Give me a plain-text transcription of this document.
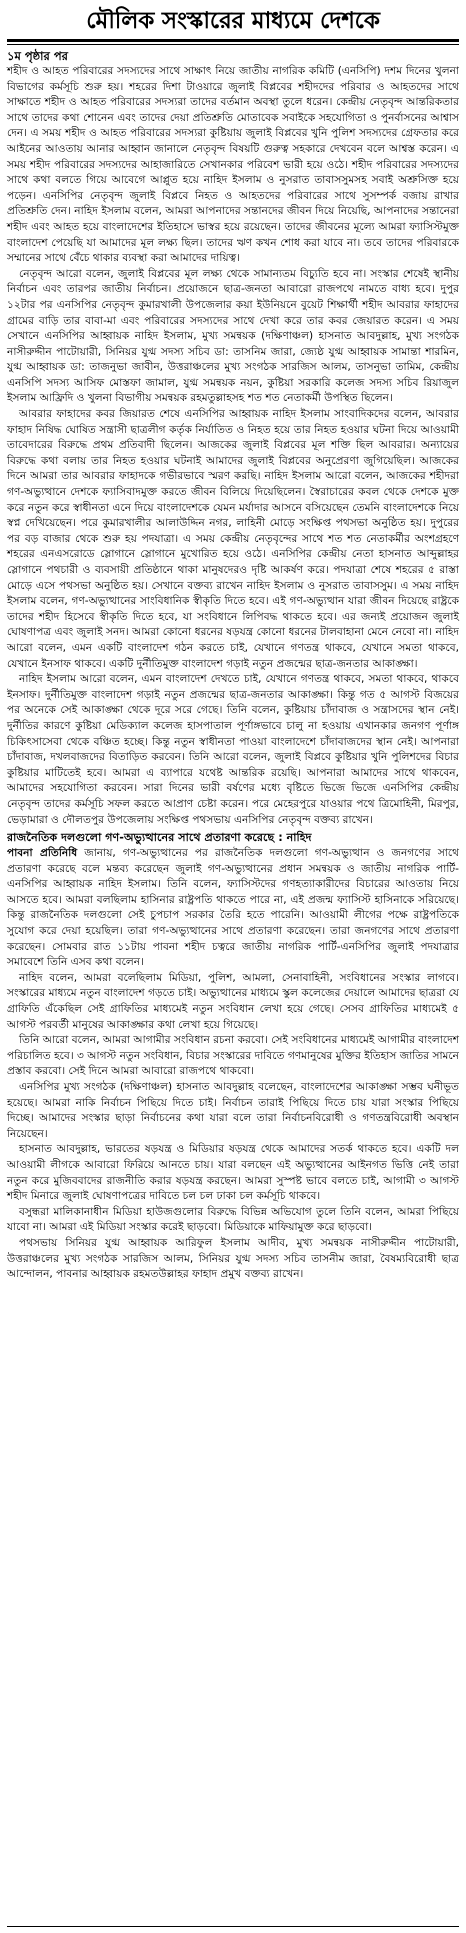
মৌলিক সংস্কারের মাধ্যমে দেশকে
১ম পৃষ্ঠার পর

শহীদ ও আহত পরিবারের সদস্যদের সাথে সাক্ষাৎ নিয়ে জাতীয় নাগরিক কমিটি (এনসিপি) দশম দিনের খুলনা বিভাগের কর্মসূচি শুরু হয়। শহরের দিশা টাওয়ারে জুলাই বিপ্লবের শহীদদের পরিবার ও আহতদের সাথে সাক্ষাতে শহীদ ও আহত পরিবারের সদস্যরা তাদের বর্তমান অবস্থা তুলে ধরেন। কেন্দ্রীয় নেতৃবৃন্দ আন্তরিকতার সাথে তাদের কথা শোনেন এবং তাদের দেয়া প্রতিশ্রুতি মোতাবেক সবাইকে সহযোগিতা ও পুনর্বাসনের আশ্বাস দেন। এ সময় শহীদ ও আহত পরিবারের সদস্যরা কুষ্টিয়ায় জুলাই বিপ্লবের খুনি পুলিশ সদস্যদের গ্রেফতার করে আইনের আওতায় আনার আহ্বান জানালে নেতৃবৃন্দ বিষয়টি গুরুত্ব সহকারে দেখবেন বলে আশ্বস্ত করেন। এ সময় শহীদ পরিবারের সদস্যদের আহাজারিতে সেখানকার পরিবেশ ভারী হয়ে ওঠে। শহীদ পরিবারের সদস্যদের সাথে কথা বলতে গিয়ে আবেগে আপ্লুত হয়ে নাহিদ ইসলাম ও নুসরাত তাবাসসুমসহ সবাই অশ্রুসিক্ত হয়ে পড়েন। এনসিপির নেতৃবৃন্দ জুলাই বিপ্লবে নিহত ও আহতদের পরিবারের সাথে সুসম্পর্ক বজায় রাখার প্রতিশ্রুতি দেন। নাহিদ ইসলাম বলেন, আমরা আপনাদের সন্তানদের জীবন দিয়ে নিয়েছি, আপনাদের সন্তানেরা শহীদ এবং আহত হয়ে বাংলাদেশের ইতিহাসে ভাস্বর হয়ে রয়েছেন। তাদের জীবনের মূল্যে আমরা ফ্যাসিস্টমুক্ত বাংলাদেশ পেয়েছি যা আমাদের মূল লক্ষ্য ছিল। তাদের ঋণ কখন শোধ করা যাবে না। তবে তাদের পরিবারকে সম্মানের সাথে বেঁচে থাকার ব্যবস্থা করা আমাদের দায়িত্ব।

নেতৃবৃন্দ আরো বলেন, জুলাই বিপ্লবের মূল লক্ষ্য থেকে সামান্যতম বিচ্যুতি হবে না। সংস্কার শেষেই স্থানীয় নির্বাচন এবং তারপর জাতীয় নির্বাচন। প্রয়োজনে ছাত্র-জনতা আবারো রাজপথে নামতে বাধ্য হবে। দুপুর ১২টার পর এনসিপির নেতৃবৃন্দ কুমারখালী উপজেলার কয়া ইউনিয়নে বুয়েট শিক্ষার্থী শহীদ আবরার ফাহাদের গ্রামের বাড়ি তার বাবা-মা এবং পরিবারের সদস্যদের সাথে দেখা করে তার কবর জেয়ারত করেন। এ সময় সেখানে এনসিপির আহ্বায়ক নাহিদ ইসলাম, মুখ্য সমন্বয়ক (দক্ষিণাঞ্চল) হাসনাত আবদুল্লাহ, মুখ্য সংগঠক নাসীরুদ্দীন পাটোয়ারী, সিনিয়র যুগ্ম সদস্য সচিব ডা: তাসনিম জারা, জ্যেষ্ঠ যুগ্ম আহ্বায়ক সামান্তা শারমিন, যুগ্ম আহ্বায়ক ডা: তাজনুভা জাবীন, উত্তরাঞ্চলের মুখ্য সংগঠক সারজিস আলম, তাসনুভা তামিম, কেন্দ্রীয় এনসিপি সদস্য আসিফ মোস্তফা জামাল, যুগ্ম সমন্বয়ক নয়ন, কুষ্টিয়া সরকারি কলেজ সদস্য সচিব রিয়াজুল ইসলাম আফ্রিদি ও খুলনা বিভাগীয় সমন্বয়ক রহমতুল্লাহসহ শত শত নেতাকর্মী উপস্থিত ছিলেন।

আবরার ফাহাদের কবর জিয়ারত শেষে এনসিপির আহ্বায়ক নাহিদ ইসলাম সাংবাদিকদের বলেন, আবরার ফাহাদ নিষিদ্ধ ঘোষিত সন্ত্রাসী ছাত্রলীগ কর্তৃক নির্যাতিত ও নিহত হয়ে তার নিহত হওয়ার ঘটনা দিয়ে আওয়ামী তাবেদারের বিরুদ্ধে প্রথম প্রতিবাদী ছিলেন। আজকের জুলাই বিপ্লবের মূল শক্তি ছিল আবরার। অন্যায়ের বিরুদ্ধে কথা বলায় তার নিহত হওয়ার ঘটনাই আমাদের জুলাই বিপ্লবের অনুপ্রেরণা জুগিয়েছিল। আজকের দিনে আমরা তার আবরার ফাহাদকে গভীরভাবে স্মরণ করছি। নাহিদ ইসলাম আরো বলেন, আজকের শহীদরা গণ-অভ্যুত্থানে দেশকে ফ্যাসিবাদমুক্ত করতে জীবন বিলিয়ে দিয়েছিলেন। স্বৈরাচারের কবল থেকে দেশকে মুক্ত করে নতুন করে স্বাধীনতা এনে দিয়ে বাংলাদেশকে যেমন মর্যাদার আসনে বসিয়েছেন তেমনি বাংলাদেশকে নিয়ে স্বপ্ন দেখিয়েছেন। পরে কুমারখালীর আলাউদ্দিন নগর, লাহিনী মোড়ে সংক্ষিপ্ত পথসভা অনুষ্ঠিত হয়। দুপুরের পর বড় বাজার থেকে শুরু হয় পদযাত্রা। এ সময় কেন্দ্রীয় নেতৃবৃন্দের সাথে শত শত নেতাকর্মীর অংশগ্রহণে শহরের এনএসরোডে স্লোগানে স্লোগানে মুখোরিত হয়ে ওঠে। এনসিপির কেন্দ্রীয় নেতা হাসনাত আব্দুল্লাহর স্লোগানে পথচারী ও ব্যবসায়ী প্রতিষ্ঠানে থাকা মানুষদেরও দৃষ্টি আকর্ষণ করে। পদযাত্রা শেষে শহরের ৫ রাস্তা মোড়ে এসে পথসভা অনুষ্ঠিত হয়। সেখানে বক্তব্য রাখেন নাহিদ ইসলাম ও নুসরাত তাবাসসুম। এ সময় নাহিদ ইসলাম বলেন, গণ-অভ্যুত্থানের সাংবিধানিক স্বীকৃতি দিতে হবে। এই গণ-অভ্যুত্থান যারা জীবন দিয়েছে রাষ্ট্রকে তাদের শহীদ হিসেবে স্বীকৃতি দিতে হবে, যা সংবিধানে লিপিবদ্ধ থাকতে হবে। এর জন্যই প্রয়োজন জুলাই ঘোষণাপত্র এবং জুলাই সনদ। আমরা কোনো ধরনের ষড়যন্ত্র কোনো ধরনের টালবাহানা মেনে নেবো না। নাহিদ আরো বলেন, এমন একটি বাংলাদেশ গঠন করতে চাই, যেখানে গণতন্ত্র থাকবে, যেখানে সমতা থাকবে, যেখানে ইনসাফ থাকবে। একটি দুর্নীতিমুক্ত বাংলাদেশ গড়াই নতুন প্রজন্মের ছাত্র-জনতার আকাঙ্ক্ষা।

নাহিদ ইসলাম আরো বলেন, এমন বাংলাদেশ দেখতে চাই, যেখানে গণতন্ত্র থাকবে, সমতা থাকবে, থাকবে ইনসাফ। দুর্নীতিমুক্ত বাংলাদেশ গড়াই নতুন প্রজন্মের ছাত্র-জনতার আকাঙ্ক্ষা। কিন্তু গত ৫ আগস্ট বিজয়ের পর অনেকে সেই আকাঙ্ক্ষা থেকে দূরে সরে গেছে। তিনি বলেন, কুষ্টিয়ায় চাঁদাবাজ ও সন্ত্রাসদের স্থান নেই। দুর্নীতির কারণে কুষ্টিয়া মেডিক্যাল কলেজ হাসপাতাল পূর্ণাঙ্গভাবে চালু না হওয়ায় এখানকার জনগণ পূর্ণাঙ্গ চিকিৎসাসেবা থেকে বঞ্চিত হচ্ছে। কিন্তু নতুন স্বাধীনতা পাওয়া বাংলাদেশে চাঁদাবাজদের স্থান নেই। আপনারা চাঁদাবাজ, দখলবাজদের বিতাড়িত করবেন। তিনি আরো বলেন, জুলাই বিপ্লবে কুষ্টিয়ার খুনি পুলিশদের বিচার কুষ্টিয়ার মাটিতেই হবে। আমরা এ ব্যাপারে যথেষ্ট আন্তরিক রয়েছি। আপনারা আমাদের সাথে থাকবেন, আমাদের সহযোগিতা করবেন। সারা দিনের ভারী বর্ষণের মধ্যে বৃষ্টিতে ভিজে ভিজে এনসিপির কেন্দ্রীয় নেতৃবৃন্দ তাদের কর্মসূচি সফল করতে আপ্রাণ চেষ্টা করেন। পরে মেহেরপুরে যাওয়ার পথে ত্রিমোহিনী, মিরপুর, ভেড়ামারা ও দৌলতপুর উপজেলায় সংক্ষিপ্ত পথসভায় এনসিপির নেতৃবৃন্দ বক্তব্য রাখেন।

রাজনৈতিক দলগুলো গণ-অভ্যুত্থানের সাথে প্রতারণা করেছে : নাহিদ

পাবনা প্রতিনিধি জানায়, গণ-অভ্যুত্থানের পর রাজনৈতিক দলগুলো গণ-অভ্যুত্থান ও জনগণের সাথে প্রতারণা করেছে বলে মন্তব্য করেছেন জুলাই গণ-অভ্যুত্থানের প্রধান সমন্বয়ক ও জাতীয় নাগরিক পার্টি-এনসিপির আহ্বায়ক নাহিদ ইসলাম। তিনি বলেন, ফ্যাসিস্টদের গণহত্যাকারীদের বিচারের আওতায় নিয়ে আসতে হবে। আমরা বলছিলাম হাসিনার রাষ্ট্রপতি থাকতে পারে না, এই প্রজন্ম ফ্যাসিস্ট হাসিনাকে সরিয়েছে। কিন্তু রাজনৈতিক দলগুলো সেই চুপচাপ সরকার তৈরি হতে পারেনি। আওয়ামী লীগের পক্ষে রাষ্ট্রপতিকে সুযোগ করে দেয়া হয়েছিল। তারা গণ-অভ্যুত্থানের সাথে প্রতারণা করেছেন। তারা জনগণের সাথে প্রতারণা করেছেন। সোমবার রাত ১১টায় পাবনা শহীদ চত্বরে জাতীয় নাগরিক পার্টি-এনসিপির জুলাই পদযাত্রার সমাবেশে তিনি এসব কথা বলেন।

নাহিদ বলেন, আমরা বলেছিলাম মিডিয়া, পুলিশ, আমলা, সেনাবাহিনী, সংবিধানের সংস্কার লাগবে। সংস্কারের মাধ্যমে নতুন বাংলাদেশ গড়তে চাই। অভ্যুত্থানের মাধ্যমে স্কুল কলেজের দেয়ালে আমাদের ছাত্ররা যে গ্রাফিতি এঁকেছিল সেই গ্রাফিতির মাধ্যমেই নতুন সংবিধান লেখা হয়ে গেছে। সেসব গ্রাফিতির মাধ্যমেই ৫ আগস্ট পরবর্তী মানুষের আকাঙ্ক্ষার কথা লেখা হয়ে গিয়েছে।

তিনি আরো বলেন, আমরা আগামীর সংবিধান রচনা করবো। সেই সংবিধানের মাধ্যমেই আগামীর বাংলাদেশ পরিচালিত হবে। ৩ আগস্ট নতুন সংবিধান, বিচার সংস্কারের দাবিতে গণমানুষের মুক্তির ইতিহাস জাতির সামনে প্রস্তাব করবো। সেই দিনে আমরা আবারো রাজপথে থাকবো।

এনসিপির মুখ্য সংগঠক (দক্ষিণাঞ্চল) হাসনাত আবদুল্লাহ বলেছেন, বাংলাদেশের আকাঙ্ক্ষা সম্ভব ঘনীভূত হয়েছে। আমরা নাকি নির্বাচন পিছিয়ে দিতে চাই। নির্বাচন তারাই পিছিয়ে দিতে চায় যারা সংস্কার পিছিয়ে দিচ্ছে। আমাদের সংস্কার ছাড়া নির্বাচনের কথা যারা বলে তারা নির্বাচনবিরোধী ও গণতন্ত্রবিরোধী অবস্থান নিয়েছেন।

হাসনাত আবদুল্লাহ, ভারতের ষড়যন্ত্র ও মিডিয়ার ষড়যন্ত্র থেকে আমাদের সতর্ক থাকতে হবে। একটি দল আওয়ামী লীগকে আবারো ফিরিয়ে আনতে চায়। যারা বলছেন এই অভ্যুত্থানের আইনগত ভিত্তি নেই তারা নতুন করে মুজিববাদের রাজনীতি করার ষড়যন্ত্র করছেন। আমরা সুস্পষ্ট ভাবে বলতে চাই, আগামী ৩ আগস্ট শহীদ মিনারে জুলাই ঘোষণাপত্রের দাবিতে চল চল ঢাকা চল কর্মসূচি থাকবে।

বসুন্ধরা মালিকানাধীন মিডিয়া হাউজগুলোর বিরুদ্ধে বিভিন্ন অভিযোগ তুলে তিনি বলেন, আমরা পিছিয়ে যাবো না। আমরা এই মিডিয়া সংস্কার করেই ছাড়বো। মিডিয়াকে মাফিয়ামুক্ত করে ছাড়বো।

পথসভায় সিনিয়র যুগ্ম আহ্বায়ক আরিফুল ইসলাম আদীব, মুখ্য সমন্বয়ক নাসীরুদ্দীন পাটোয়ারী, উত্তরাঞ্চলের মুখ্য সংগঠক সারজিস আলম, সিনিয়র যুগ্ম সদস্য সচিব তাসনীম জারা, বৈষম্যবিরোধী ছাত্র আন্দোলন, পাবনার আহ্বায়ক রহমতউল্লাহর ফাহাদ প্রমুখ বক্তব্য রাখেন।
